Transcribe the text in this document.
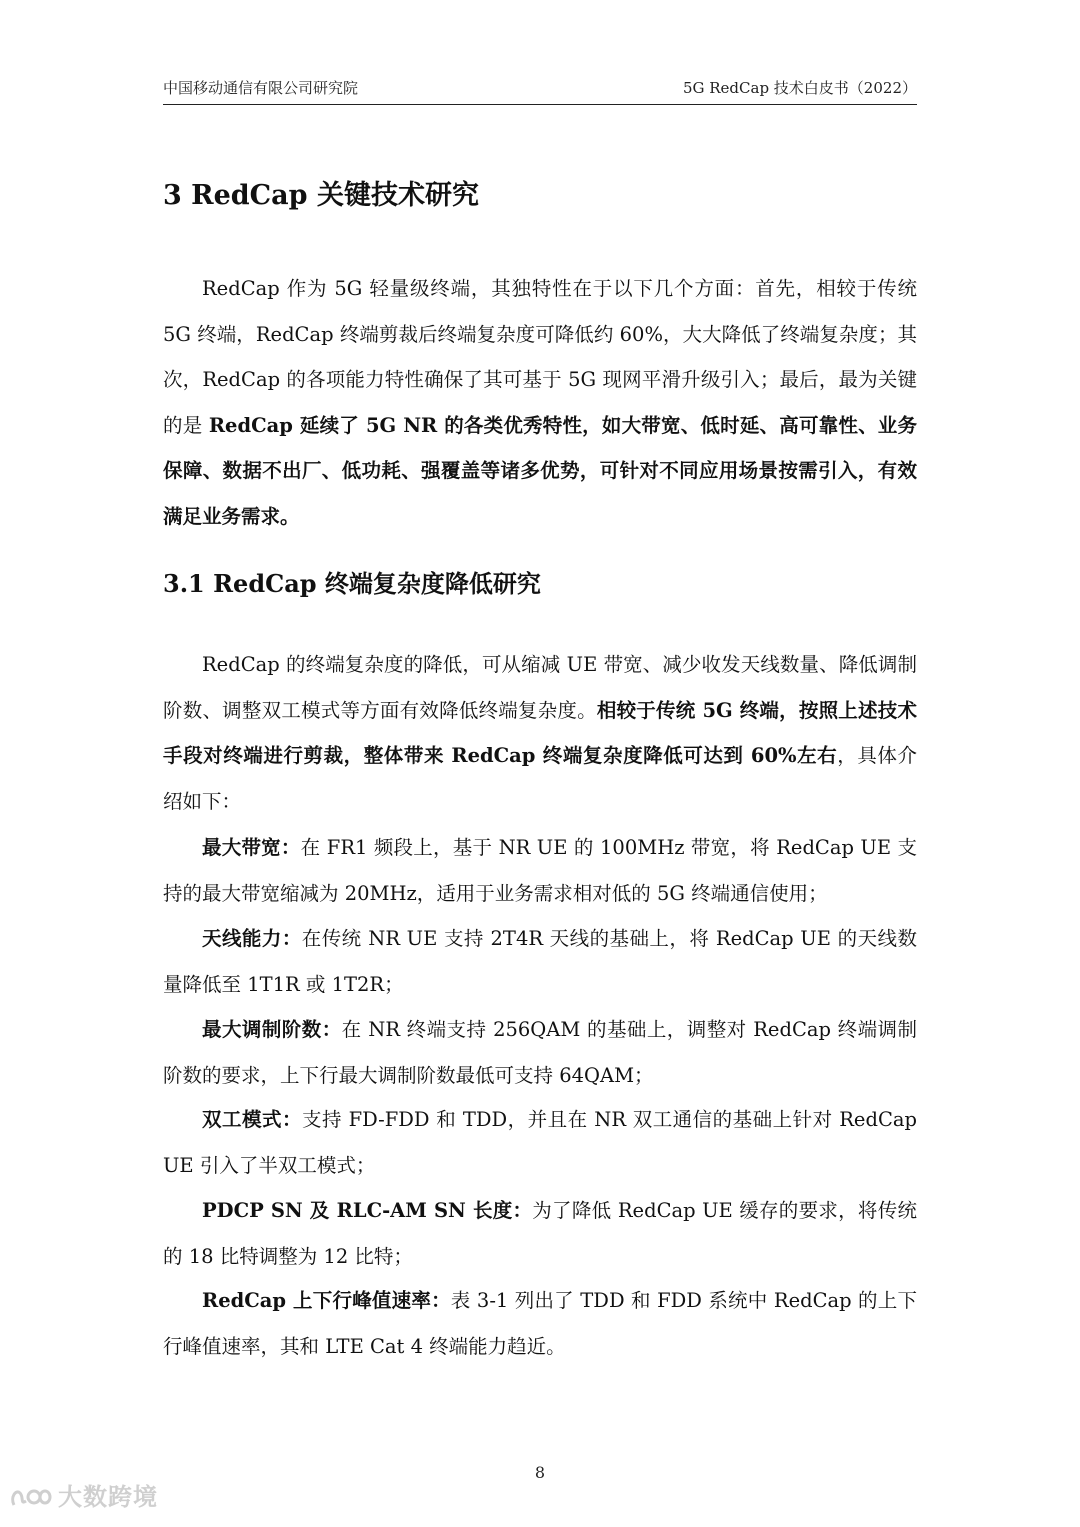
中国移动通信有限公司研究院	5G RedCap 技术白皮书（2022）
3 RedCap 关键技术研究

RedCap 作为 5G 轻量级终端，其独特性在于以下几个方面：首先，相较于传统 5G 终端，RedCap 终端剪裁后终端复杂度可降低约 60%，大大降低了终端复杂度；其次，RedCap 的各项能力特性确保了其可基于 5G 现网平滑升级引入；最后，最为关键的是 RedCap 延续了 5G NR 的各类优秀特性，如大带宽、低时延、高可靠性、业务保障、数据不出厂、低功耗、强覆盖等诸多优势，可针对不同应用场景按需引入，有效满足业务需求。

3.1 RedCap 终端复杂度降低研究

RedCap 的终端复杂度的降低，可从缩减 UE 带宽、减少收发天线数量、降低调制阶数、调整双工模式等方面有效降低终端复杂度。相较于传统 5G 终端，按照上述技术手段对终端进行剪裁，整体带来 RedCap 终端复杂度降低可达到 60%左右，具体介绍如下：

最大带宽：在 FR1 频段上，基于 NR UE 的 100MHz 带宽，将 RedCap UE 支持的最大带宽缩减为 20MHz，适用于业务需求相对低的 5G 终端通信使用；

天线能力：在传统 NR UE 支持 2T4R 天线的基础上，将 RedCap UE 的天线数量降低至 1T1R 或 1T2R；

最大调制阶数：在 NR 终端支持 256QAM 的基础上，调整对 RedCap 终端调制阶数的要求，上下行最大调制阶数最低可支持 64QAM；

双工模式：支持 FD-FDD 和 TDD，并且在 NR 双工通信的基础上针对 RedCap UE 引入了半双工模式；

PDCP SN 及 RLC-AM SN 长度：为了降低 RedCap UE 缓存的要求，将传统的 18 比特调整为 12 比特；

RedCap 上下行峰值速率：表 3-1 列出了 TDD 和 FDD 系统中 RedCap 的上下行峰值速率，其和 LTE Cat 4 终端能力趋近。

8
大数跨境
